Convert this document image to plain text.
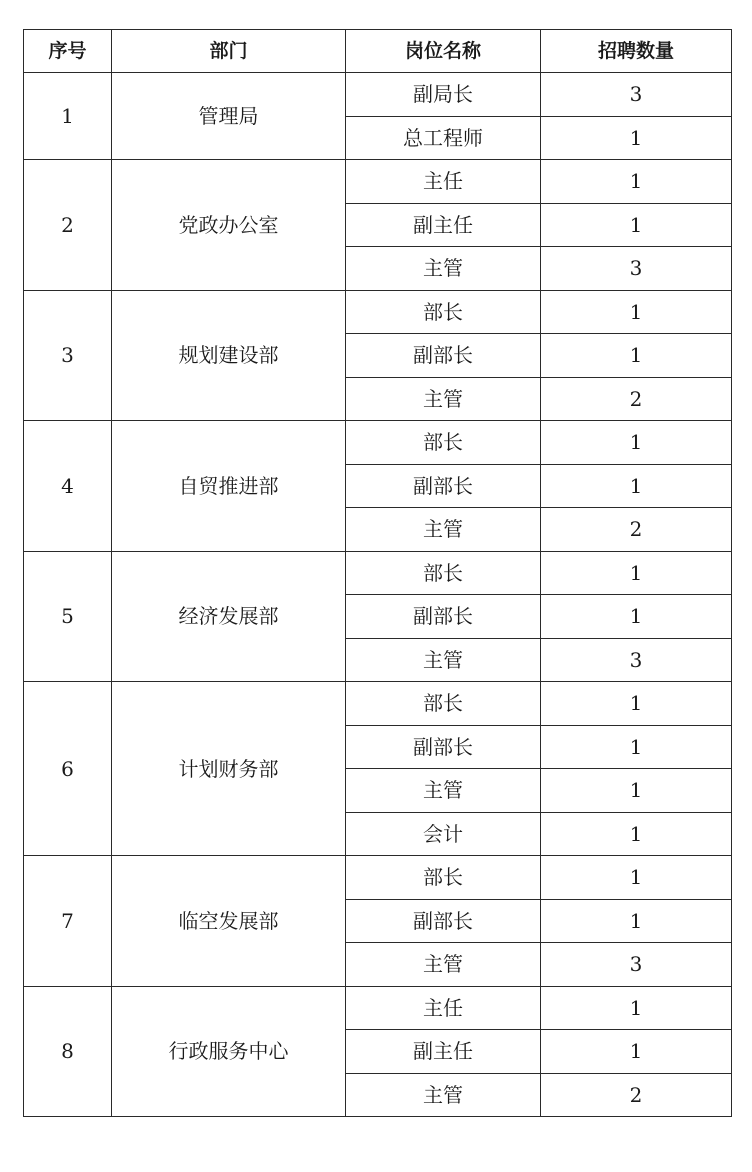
序号	部门	岗位名称	招聘数量
1	管理局	副局长	3
		总工程师	1
2	党政办公室	主任	1
		副主任	1
		主管	3
3	规划建设部	部长	1
		副部长	1
		主管	2
4	自贸推进部	部长	1
		副部长	1
		主管	2
5	经济发展部	部长	1
		副部长	1
		主管	3
6	计划财务部	部长	1
		副部长	1
		主管	1
		会计	1
7	临空发展部	部长	1
		副部长	1
		主管	3
8	行政服务中心	主任	1
		副主任	1
		主管	2
